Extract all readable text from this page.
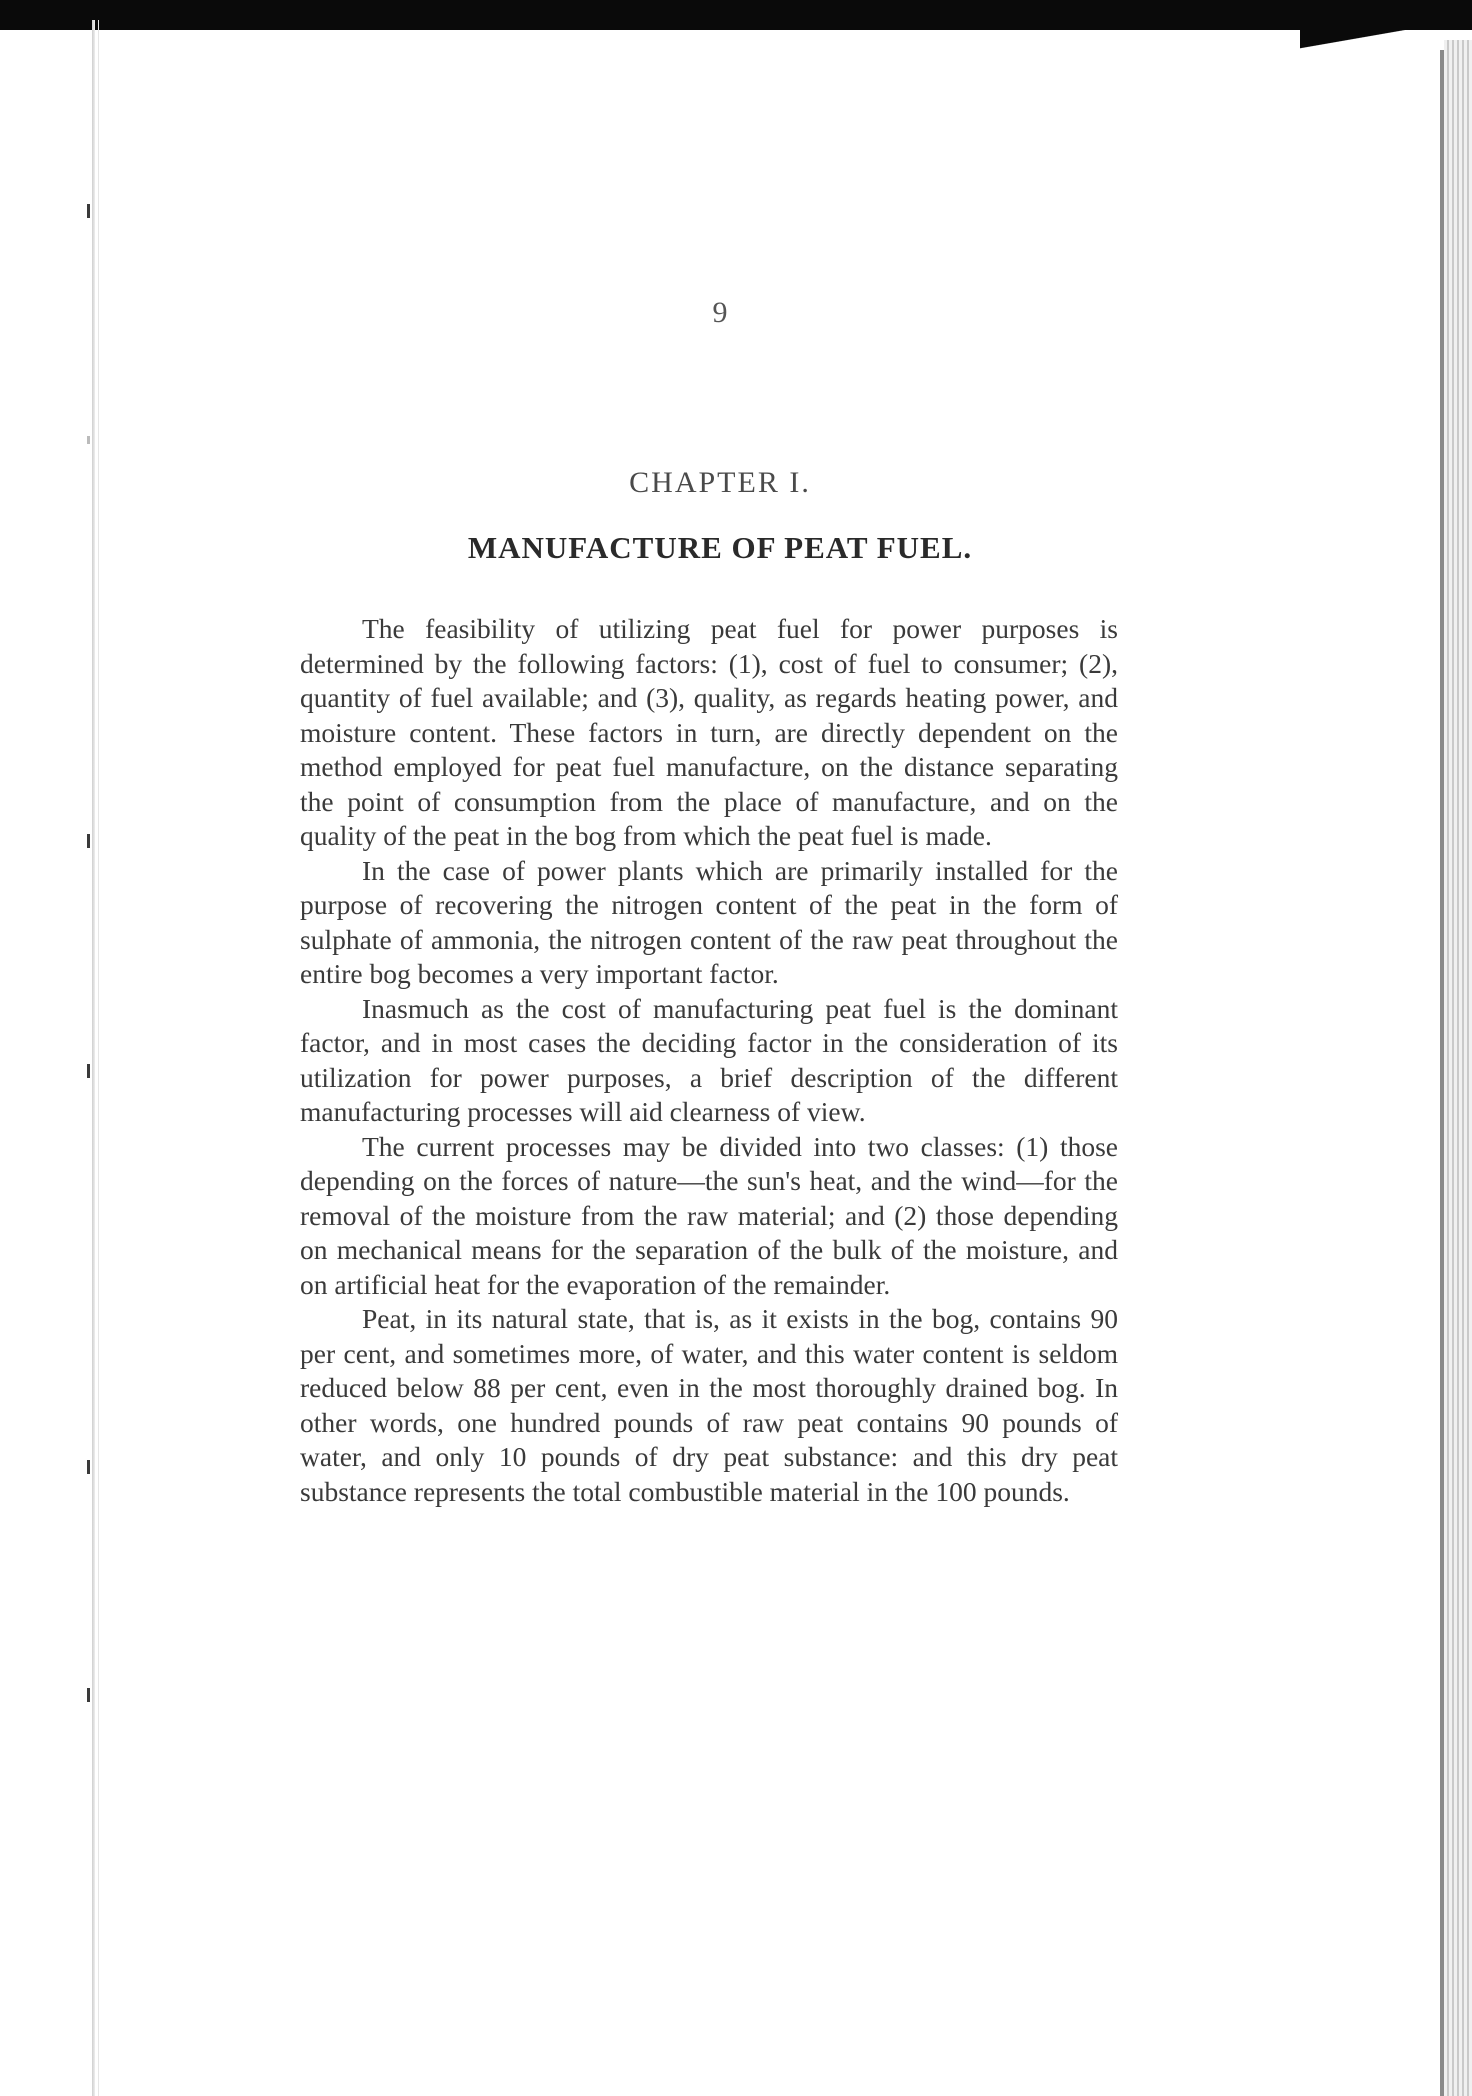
9
CHAPTER I.
MANUFACTURE OF PEAT FUEL.

The feasibility of utilizing peat fuel for power purposes is determined by the following factors: (1), cost of fuel to consumer; (2), quantity of fuel available; and (3), quality, as regards heating power, and moisture content. These factors in turn, are directly dependent on the method employed for peat fuel manufacture, on the distance separating the point of consumption from the place of manufacture, and on the quality of the peat in the bog from which the peat fuel is made.

In the case of power plants which are primarily installed for the purpose of recovering the nitrogen content of the peat in the form of sulphate of ammonia, the nitrogen content of the raw peat throughout the entire bog becomes a very important factor.

Inasmuch as the cost of manufacturing peat fuel is the dominant factor, and in most cases the deciding factor in the consideration of its utilization for power purposes, a brief description of the different manufacturing processes will aid clearness of view.

The current processes may be divided into two classes: (1) those depending on the forces of nature—the sun's heat, and the wind—for the removal of the moisture from the raw material; and (2) those depending on mechanical means for the separation of the bulk of the moisture, and on artificial heat for the evaporation of the remainder.

Peat, in its natural state, that is, as it exists in the bog, contains 90 per cent, and sometimes more, of water, and this water content is seldom reduced below 88 per cent, even in the most thoroughly drained bog. In other words, one hundred pounds of raw peat contains 90 pounds of water, and only 10 pounds of dry peat substance: and this dry peat substance represents the total combustible material in the 100 pounds.
